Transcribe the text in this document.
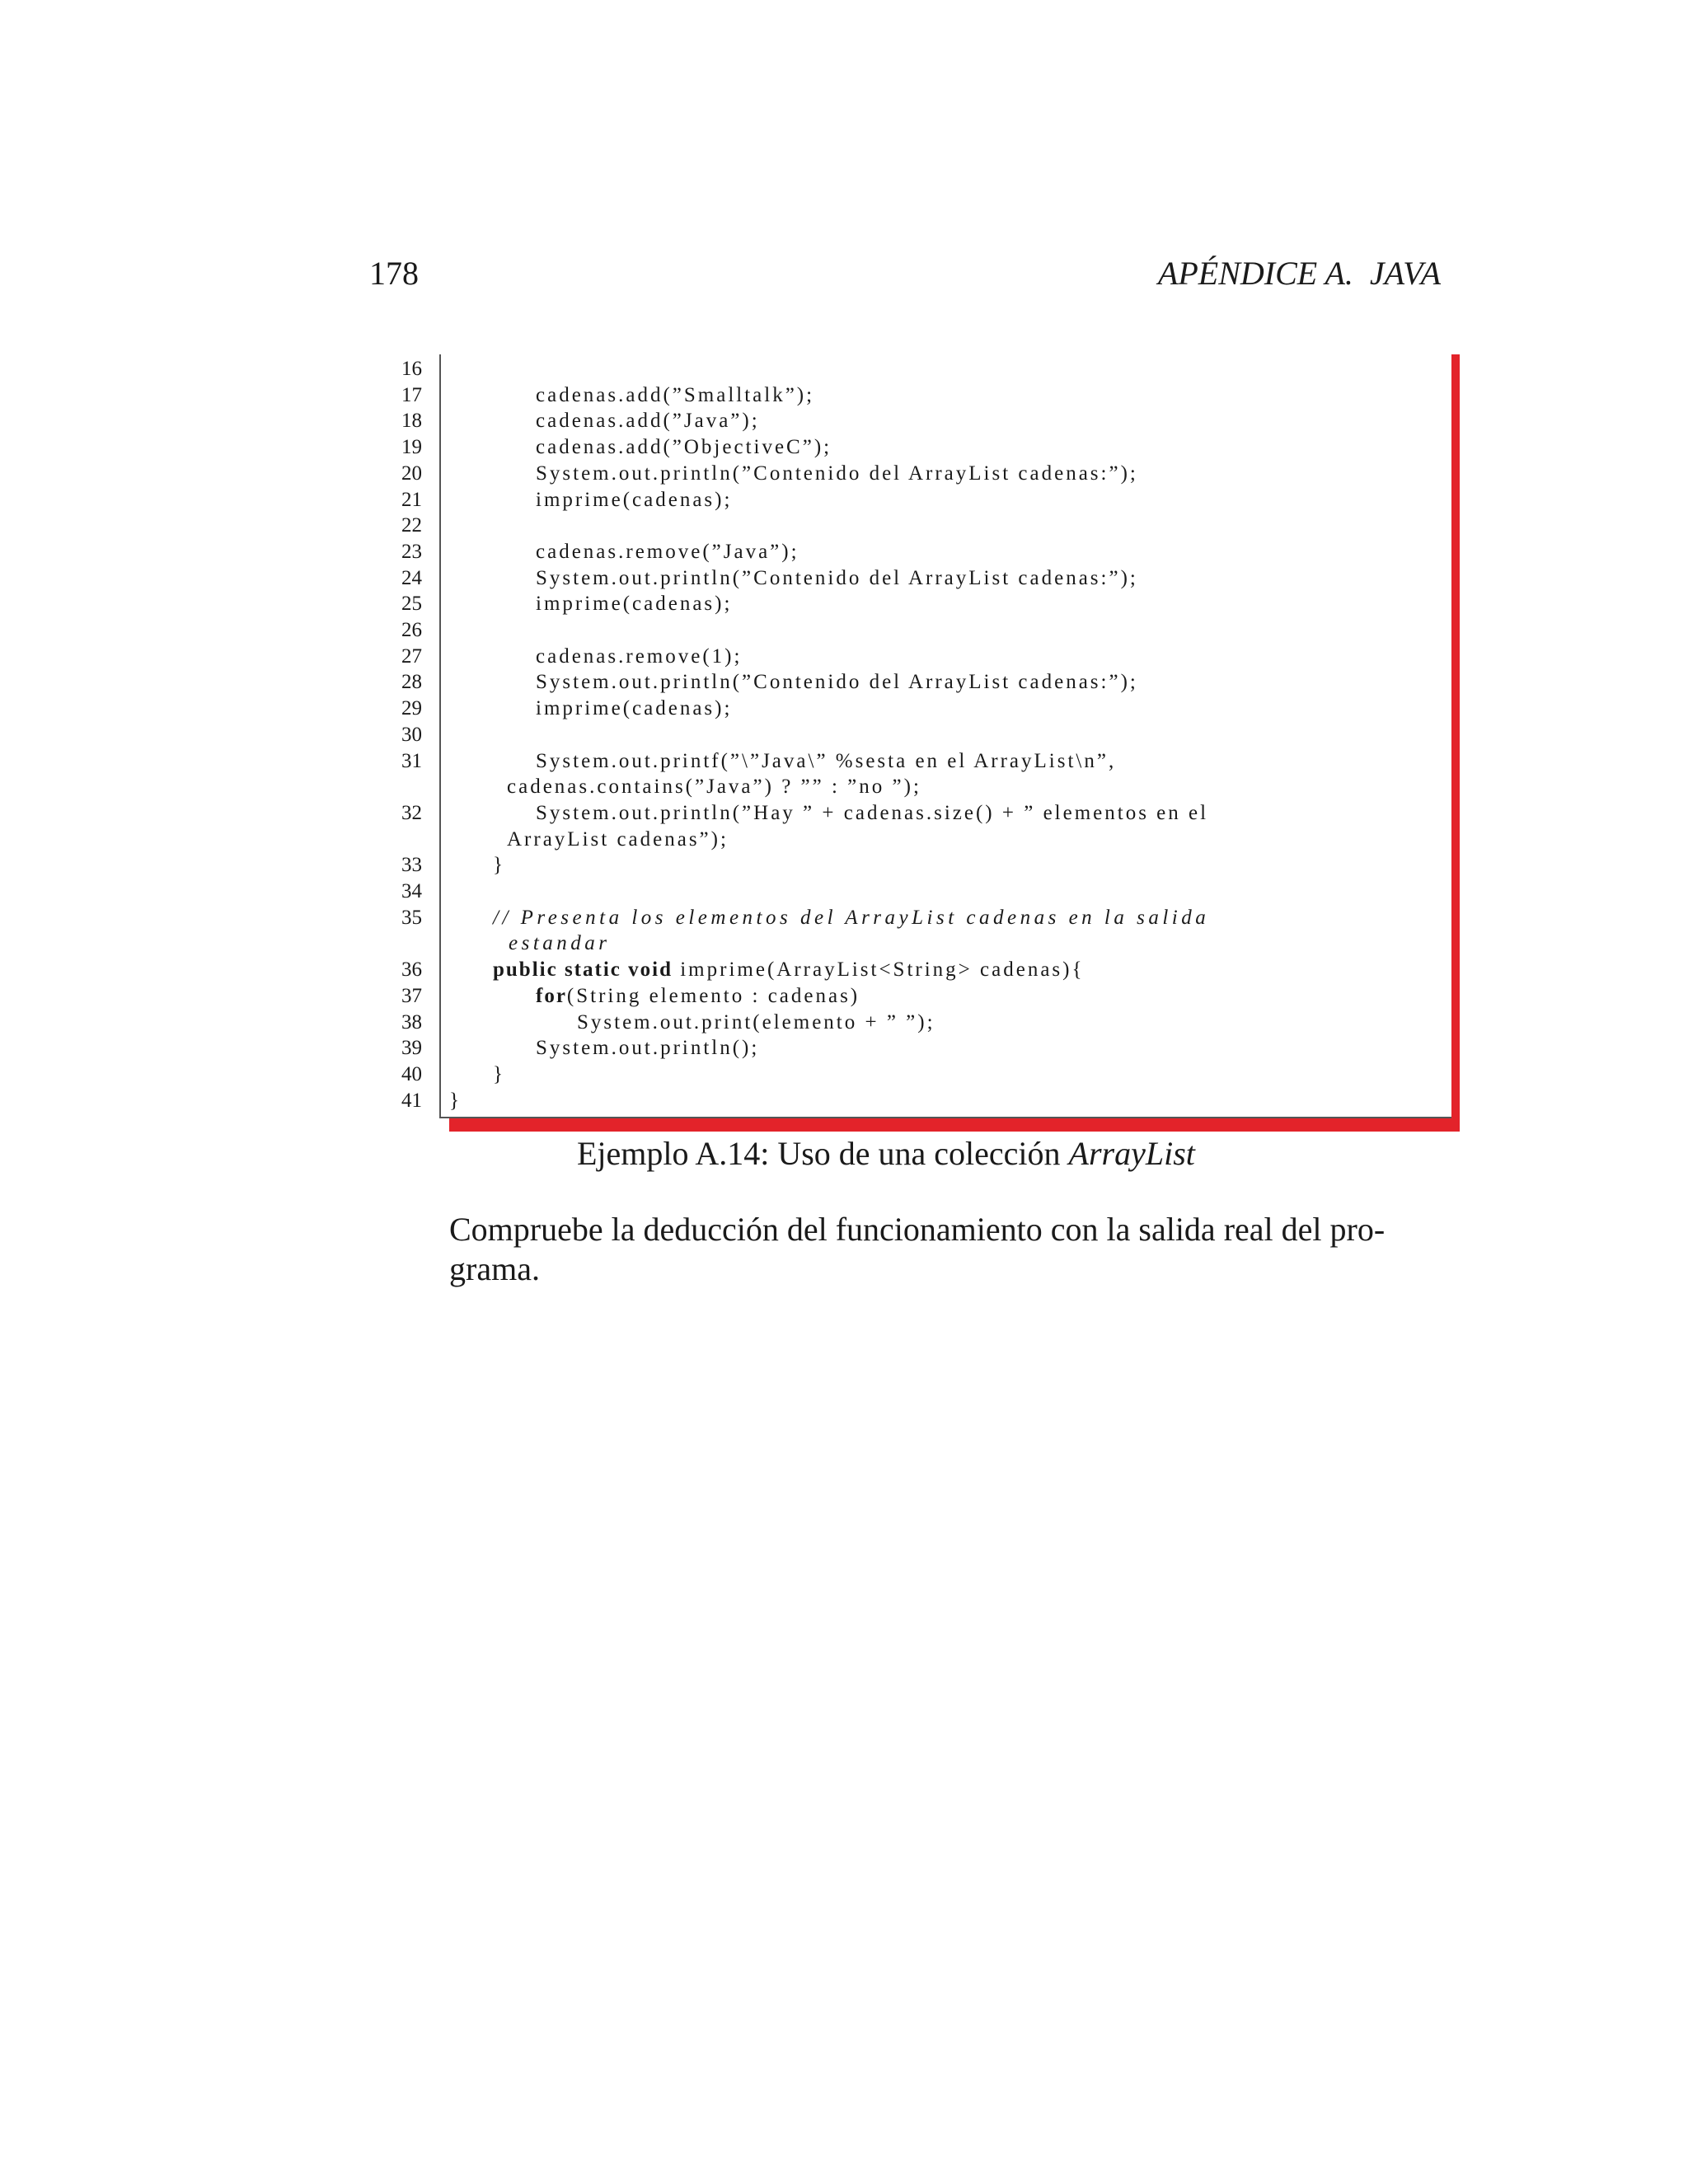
178	APÉNDICE A.  JAVA
16
17	cadenas.add(”Smalltalk”);
18	cadenas.add(”Java”);
19	cadenas.add(”ObjectiveC”);
20	System.out.println(”Contenido del ArrayList cadenas:”);
21	imprime(cadenas);
22
23	cadenas.remove(”Java”);
24	System.out.println(”Contenido del ArrayList cadenas:”);
25	imprime(cadenas);
26
27	cadenas.remove(1);
28	System.out.println(”Contenido del ArrayList cadenas:”);
29	imprime(cadenas);
30
31	System.out.printf(”\”Java\” %sesta en el ArrayList\n”,
cadenas.contains(”Java”) ? ”” : ”no ”);
32	System.out.println(”Hay ” + cadenas.size() + ” elementos en el
ArrayList cadenas”);
33	}
34
35	// Presenta los elementos del ArrayList cadenas en la salida
estandar
36	public static void imprime(ArrayList<String> cadenas){
37	for(String elemento : cadenas)
38	System.out.print(elemento + ” ”);
39	System.out.println();
40	}
41 }
Ejemplo A.14: Uso de una colección ArrayList
Compruebe la deducción del funcionamiento con la salida real del pro-
grama.
